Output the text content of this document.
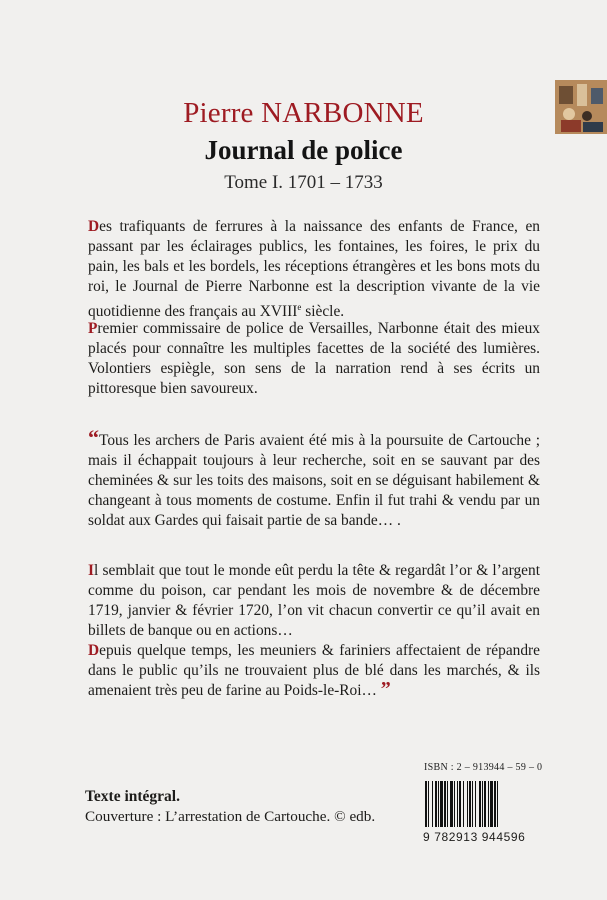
Pierre NARBONNE
Journal de police
Tome I. 1701 – 1733

Des trafiquants de ferrures à la naissance des enfants de France, en passant par les éclairages publics, les fontaines, les foires, le prix du pain, les bals et les bordels, les réceptions étrangères et les bons mots du roi, le Journal de Pierre Narbonne est la description vivante de la vie quotidienne des français au XVIIIe siècle.

Premier commissaire de police de Versailles, Narbonne était des mieux placés pour connaître les multiples facettes de la société des lumières. Volontiers espiègle, son sens de la narration rend à ses écrits un pittoresque bien savoureux.

“Tous les archers de Paris avaient été mis à la poursuite de Cartouche ; mais il échappait toujours à leur recherche, soit en se sauvant par des cheminées & sur les toits des maisons, soit en se déguisant habilement & changeant à tous moments de costume. Enfin il fut trahi & vendu par un soldat aux Gardes qui faisait partie de sa bande… .

Il semblait que tout le monde eût perdu la tête & regardât l’or & l’argent comme du poison, car pendant les mois de novembre & de décembre 1719, janvier & février 1720, l’on vit chacun convertir ce qu’il avait en billets de banque ou en actions…

Depuis quelque temps, les meuniers & fariniers affectaient de répandre dans le public qu’ils ne trouvaient plus de blé dans les marchés, & ils amenaient très peu de farine au Poids-le-Roi… ”

ISBN : 2 – 913944 – 59 – 0
9 782913 944596
Texte intégral.
Couverture : L’arrestation de Cartouche. © edb.
